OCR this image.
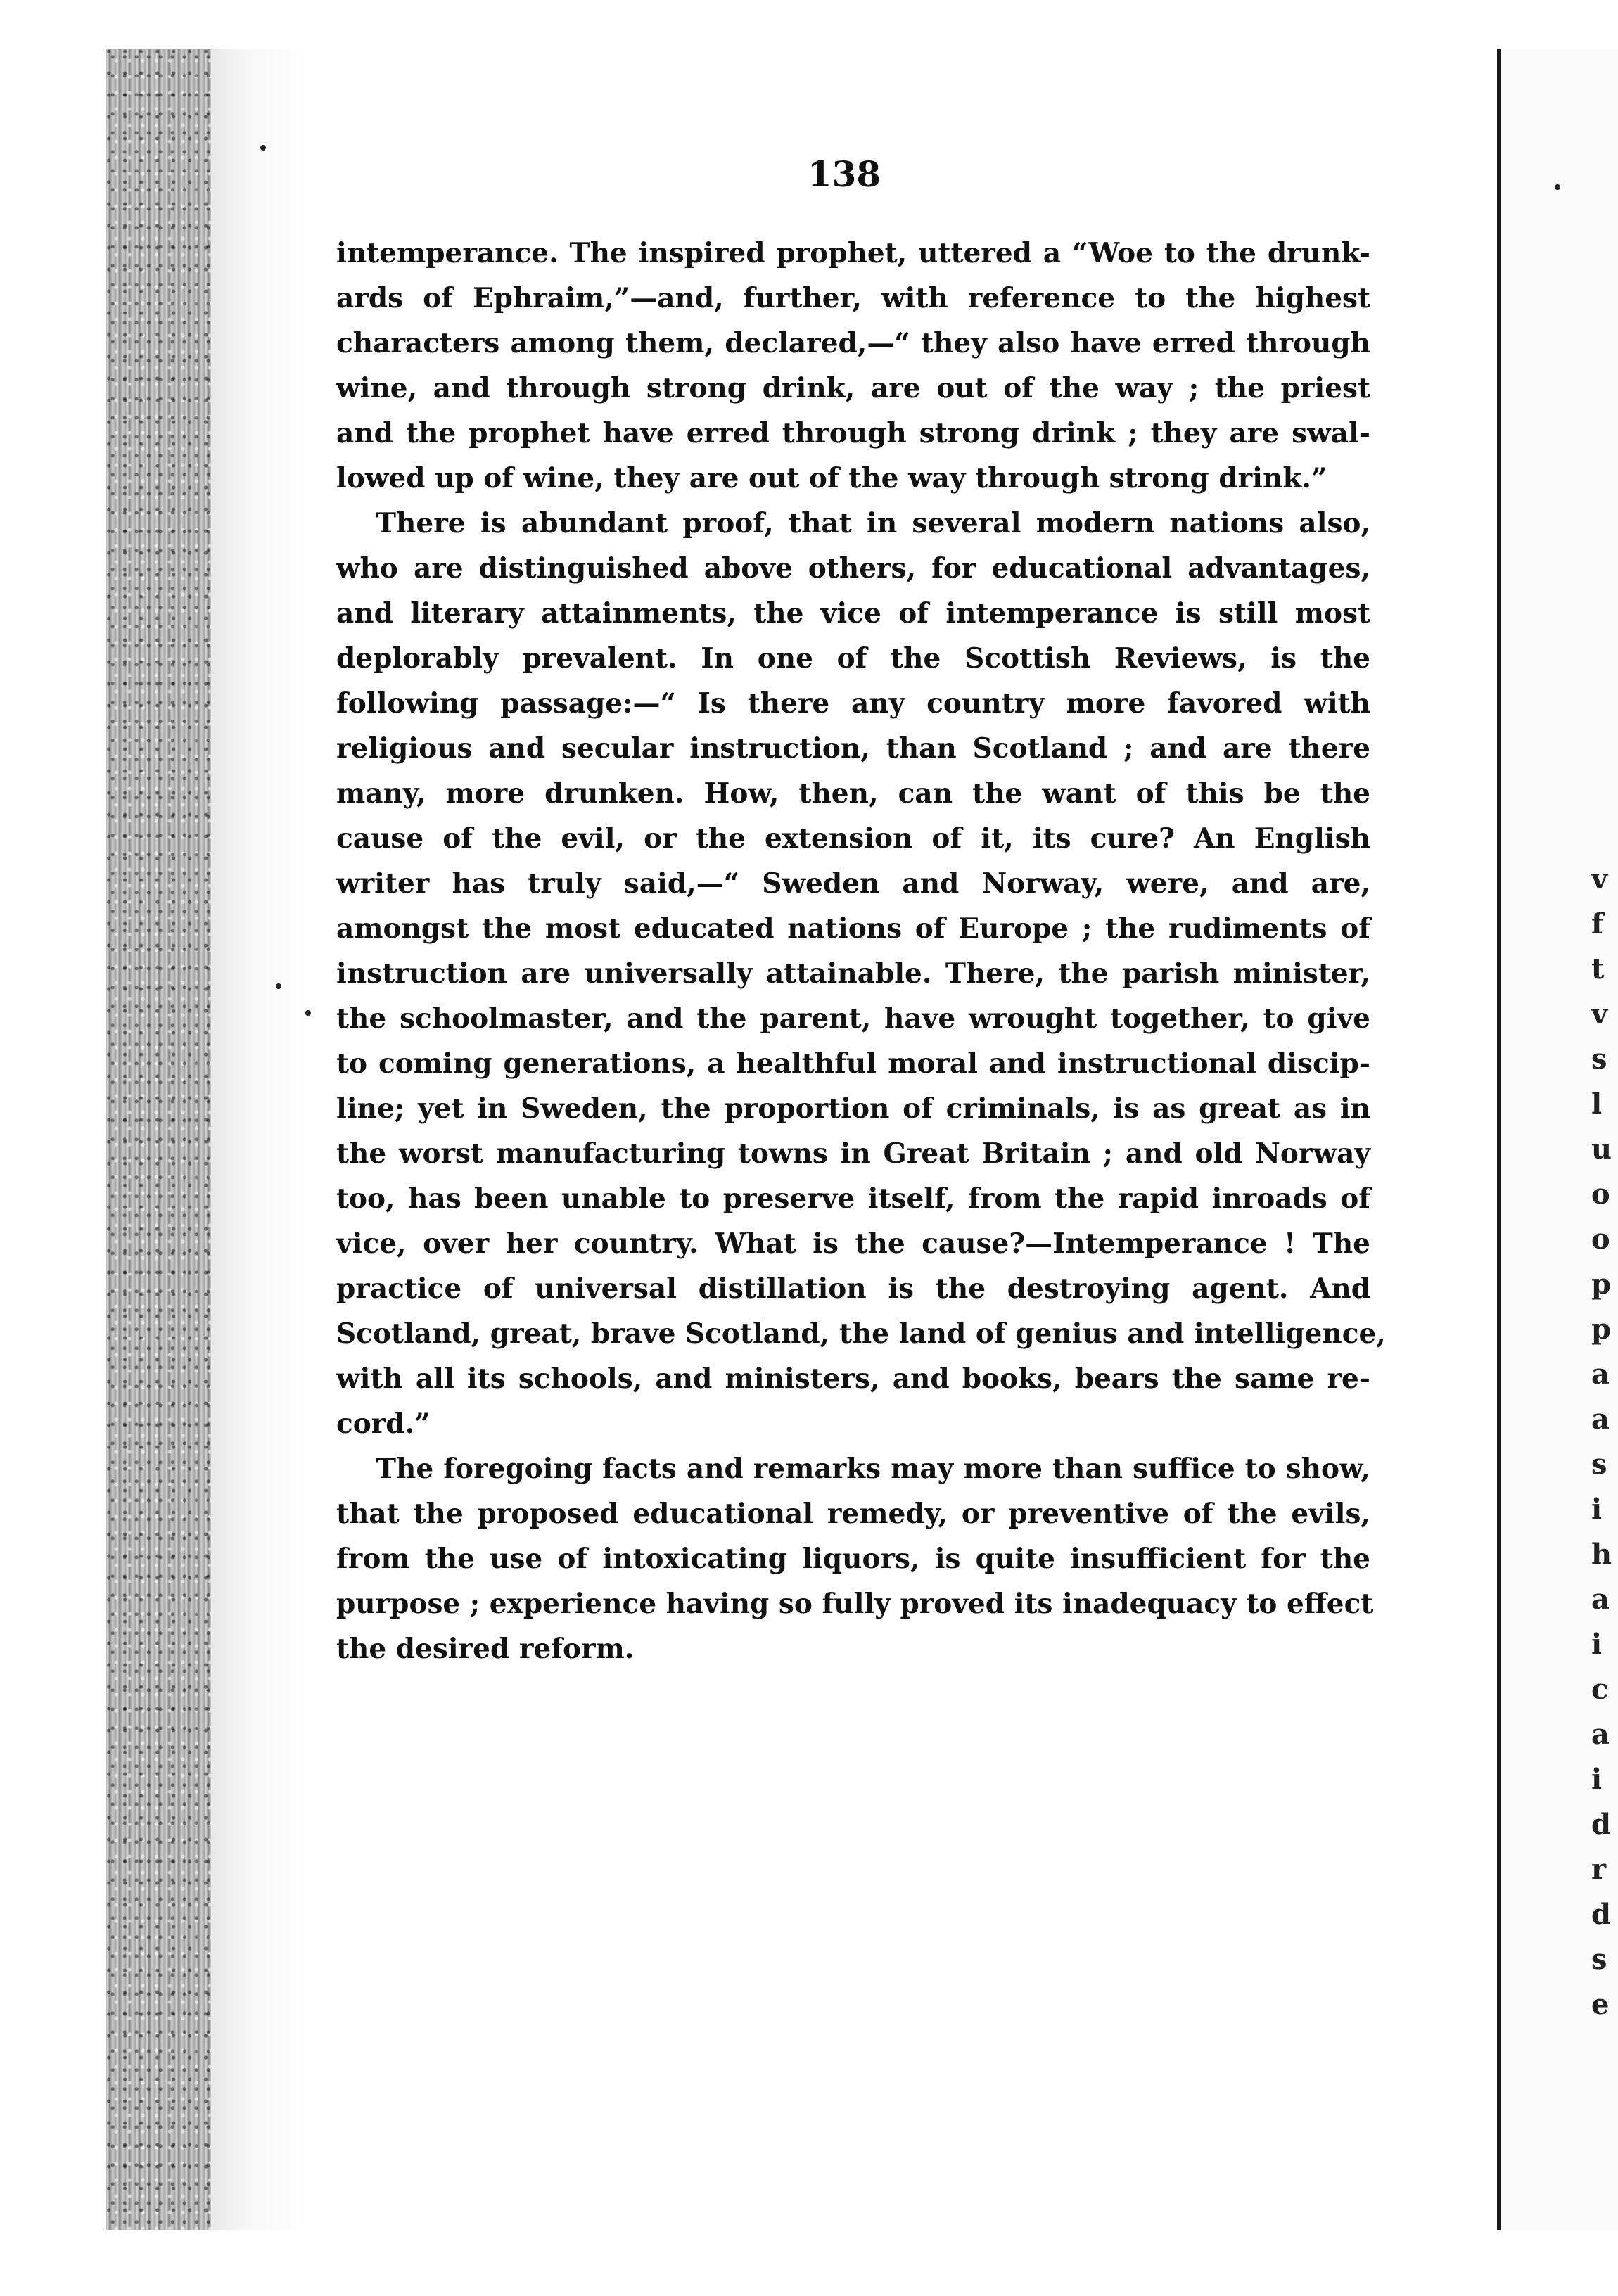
138
intemperance. The inspired prophet, uttered a “Woe to the drunk-
ards of Ephraim,”—and, further, with reference to the highest
characters among them, declared,—“ they also have erred through
wine, and through strong drink, are out of the way ; the priest
and the prophet have erred through strong drink ; they are swal-
lowed up of wine, they are out of the way through strong drink.”
There is abundant proof, that in several modern nations also,
who are distinguished above others, for educational advantages,
and literary attainments, the vice of intemperance is still most
deplorably prevalent. In one of the Scottish Reviews, is the
following passage:—“ Is there any country more favored with
religious and secular instruction, than Scotland ; and are there
many, more drunken. How, then, can the want of this be the
cause of the evil, or the extension of it, its cure? An English
writer has truly said,—“ Sweden and Norway, were, and are,
amongst the most educated nations of Europe ; the rudiments of
instruction are universally attainable. There, the parish minister,
the schoolmaster, and the parent, have wrought together, to give
to coming generations, a healthful moral and instructional discip-
line; yet in Sweden, the proportion of criminals, is as great as in
the worst manufacturing towns in Great Britain ; and old Norway
too, has been unable to preserve itself, from the rapid inroads of
vice, over her country. What is the cause?—Intemperance ! The
practice of universal distillation is the destroying agent. And
Scotland, great, brave Scotland, the land of genius and intelligence,
with all its schools, and ministers, and books, bears the same re-
cord.”
The foregoing facts and remarks may more than suffice to show,
that the proposed educational remedy, or preventive of the evils,
from the use of intoxicating liquors, is quite insufficient for the
purpose ; experience having so fully proved its inadequacy to effect
the desired reform.
v
f
t
v
s
l
u
o
o
p
p
a
a
s
i
h
a
i
c
a
i
d
r
d
s
e
